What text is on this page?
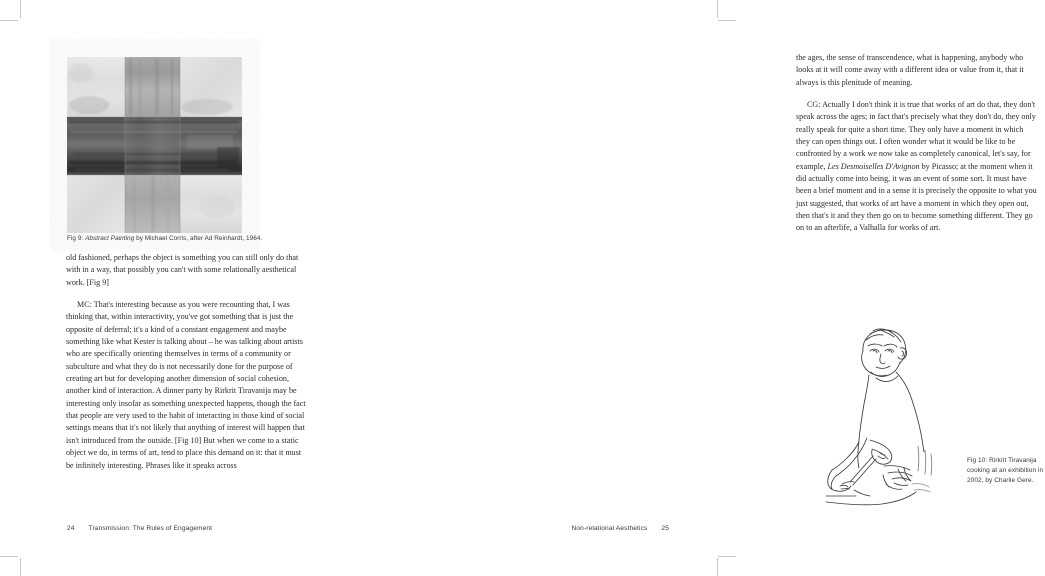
Fig 9: Abstract Painting by Michael Corris, after Ad Reinhardt, 1964.

old fashioned, perhaps the object is something you can still only do that with in a way, that possibly you can't with some relationally aesthetical work. [Fig 9]

MC: That's interesting because as you were recounting that, I was thinking that, within interactivity, you've got something that is just the opposite of deferral; it's a kind of a constant engagement and maybe something like what Kester is talking about – he was talking about artists who are specifically orienting themselves in terms of a community or subculture and what they do is not necessarily done for the purpose of creating art but for developing another dimension of social cohesion, another kind of interaction. A dinner party by Rirkrit Tiravanija may be interesting only insofar as something unexpected happens, though the fact that people are very used to the habit of interacting in those kind of social settings means that it's not likely that anything of interest will happen that isn't introduced from the outside. [Fig 10] But when we come to a static object we do, in terms of art, tend to place this demand on it: that it must be infinitely interesting. Phrases like it speaks across

24 Transmission: The Rules of Engagement

the ages, the sense of transcendence, what is happening, anybody who looks at it will come away with a different idea or value from it, that it always is this plenitude of meaning.

CG: Actually I don't think it is true that works of art do that, they don't speak across the ages; in fact that's precisely what they don't do, they only really speak for quite a short time. They only have a moment in which they can open things out. I often wonder what it would be like to be confronted by a work we now take as completely canonical, let's say, for example, Les Desmoiselles D'Avignon by Picasso; at the moment when it did actually come into being, it was an event of some sort. It must have been a brief moment and in a sense it is precisely the opposite to what you just suggested, that works of art have a moment in which they open out, then that's it and they then go on to become something different. They go on to an afterlife, a Valhalla for works of art.

Fig 10: Rirkrit Tiravanija cooking at an exhibition in 2002, by Charlie Gere.
Non-relational Aesthetics 25
